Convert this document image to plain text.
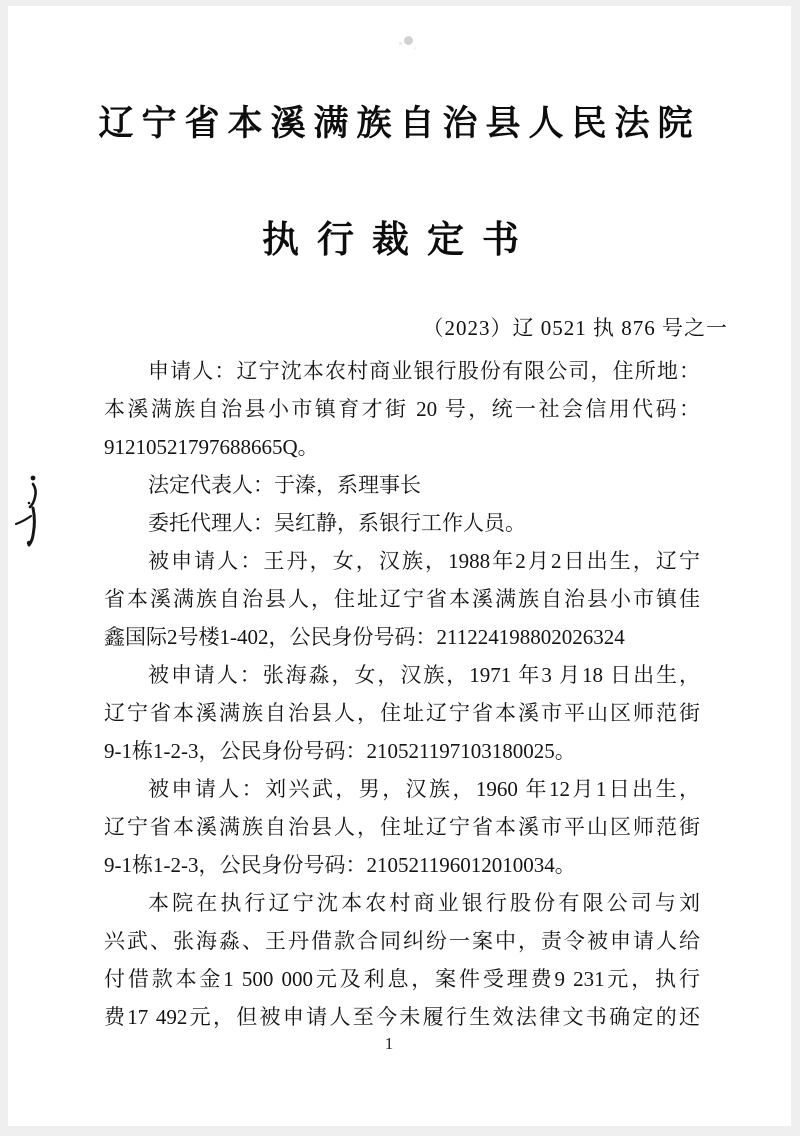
辽宁省本溪满族自治县人民法院
执行裁定书
（2023）辽 0521 执 876 号之一
申请人：辽宁沈本农村商业银行股份有限公司，住所地：
本溪满族自治县小市镇育才街 20 号，统一社会信用代码：
91210521797688665Q。
法定代表人：于溱，系理事长
委托代理人：吴红静，系银行工作人员。
被申请人：王丹，女，汉族，1988年2月2日出生，辽宁
省本溪满族自治县人，住址辽宁省本溪满族自治县小市镇佳
鑫国际2号楼1-402，公民身份号码：211224198802026324
被申请人：张海淼，女，汉族，1971 年3 月18 日出生，
辽宁省本溪满族自治县人，住址辽宁省本溪市平山区师范街
9-1栋1-2-3，公民身份号码：210521197103180025。
被申请人：刘兴武，男，汉族，1960 年12月1日出生，
辽宁省本溪满族自治县人，住址辽宁省本溪市平山区师范街
9-1栋1-2-3，公民身份号码：210521196012010034。
本院在执行辽宁沈本农村商业银行股份有限公司与刘
兴武、张海淼、王丹借款合同纠纷一案中，责令被申请人给
付借款本金1 500 000元及利息，案件受理费9 231元，执行
费17 492元，但被申请人至今未履行生效法律文书确定的还
1
